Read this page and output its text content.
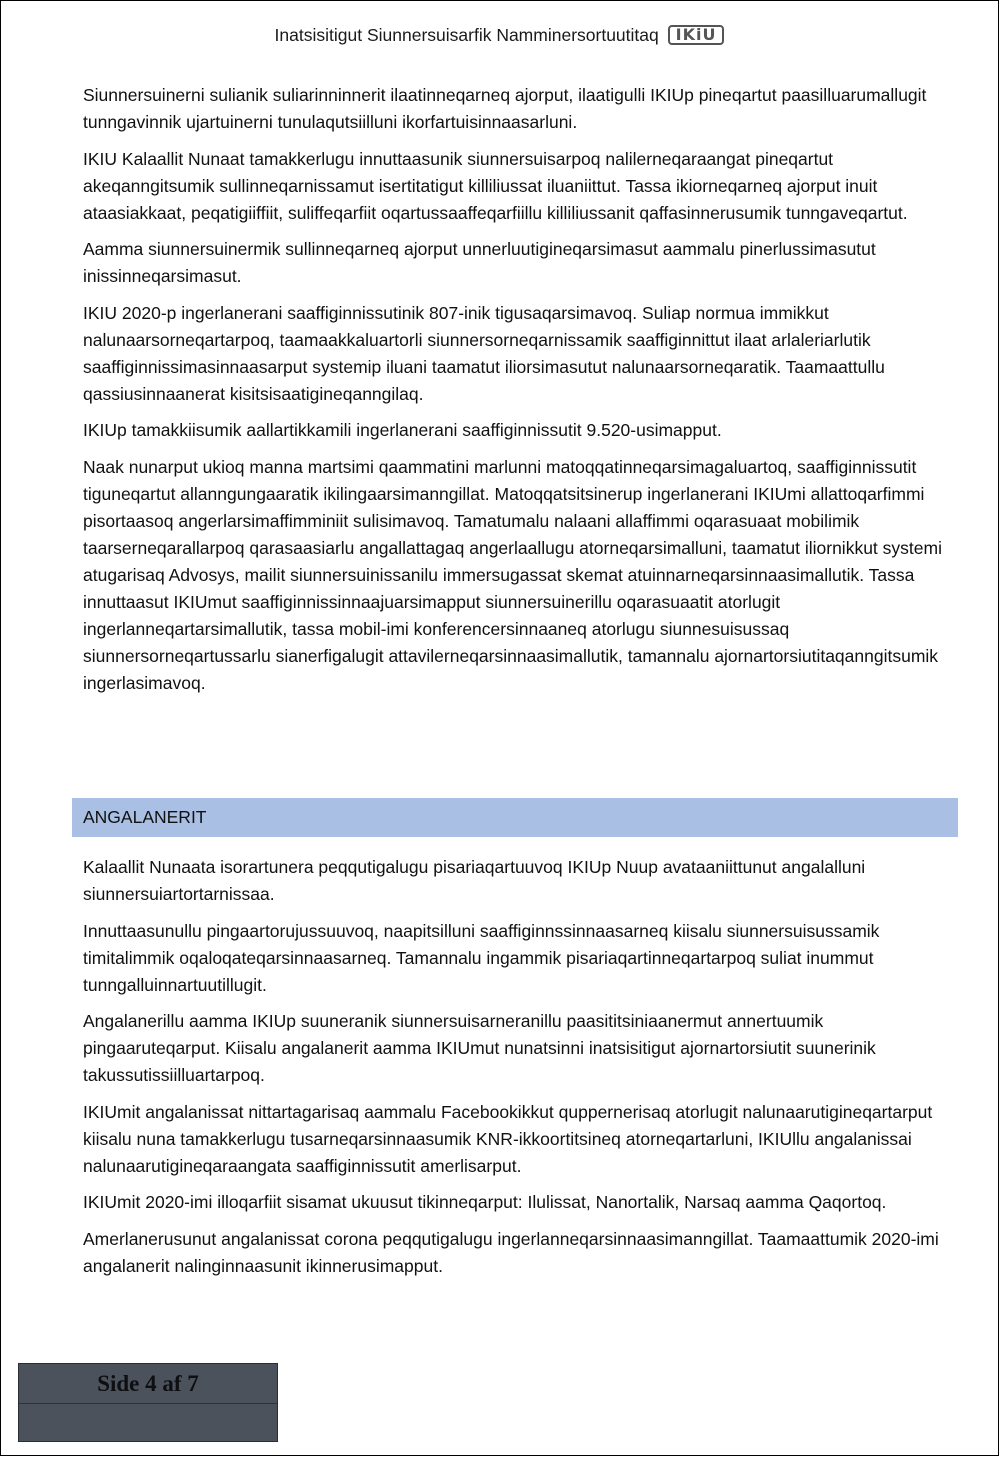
Inatsisitigut Siunnersuisarfik Namminersortuutitaq IKiU

Siunnersuinerni sulianik suliarinninnerit ilaatinneqarneq ajorput, ilaatigulli IKIUp pineqartut paasilluarumallugit tunngavinnik ujartuinerni tunulaqutsiilluni ikorfartuisinnaasarluni.

IKIU Kalaallit Nunaat tamakkerlugu innuttaasunik siunnersuisarpoq nalilerneqaraangat pineqartut akeqanngitsumik sullinneqarnissamut isertitatigut killiliussat iluaniittut. Tassa ikiorneqarneq ajorput inuit ataasiakkaat, peqatigiiffiit, suliffeqarfiit oqartussaaffeqarfiillu killiliussanit qaffasinnerusumik tunngaveqartut.

Aamma siunnersuinermik sullinneqarneq ajorput unnerluutigineqarsimasut aammalu pinerlussimasutut inissinneqarsimasut.

IKIU 2020-p ingerlanerani saaffiginnissutinik 807-inik tigusaqarsimavoq. Suliap normua immikkut nalunaarsorneqartarpoq, taamaakkaluartorli siunnersorneqarnissamik saaffiginnittut ilaat arlaleriarlutik saaffiginnissimasinnaasarput systemip iluani taamatut iliorsimasutut nalunaarsorneqaratik. Taamaattullu qassiusinnaanerat kisitsisaatigineqanngilaq.

IKIUp tamakkiisumik aallartikkamili ingerlanerani saaffiginnissutit 9.520-usimapput.

Naak nunarput ukioq manna martsimi qaammatini marlunni matoqqatinneqarsimagaluartoq, saaffiginnissutit tiguneqartut allanngungaaratik ikilingaarsimanngillat. Matoqqatsitsinerup ingerlanerani IKIUmi allattoqarfimmi pisortaasoq angerlarsimaffimminiit sulisimavoq. Tamatumalu nalaani allaffimmi oqarasuaat mobilimik taarserneqarallarpoq qarasaasiarlu angallattagaq angerlaallugu atorneqarsimalluni, taamatut iliornikkut systemi atugarisaq Advosys, mailit siunnersuinissanilu immersugassat skemat atuinnarneqarsinnaasimallutik. Tassa innuttaasut IKIUmut saaffiginnissinnaajuarsimapput siunnersuinerillu oqarasuaatit atorlugit ingerlanneqartarsimallutik, tassa mobil-imi konferencersinnaaneq atorlugu siunnesuisussaq siunnersorneqartussarlu sianerfigalugit attavilerneqarsinnaasimallutik, tamannalu ajornartorsiutitaqanngitsumik ingerlasimavoq.

ANGALANERIT

Kalaallit Nunaata isorartunera peqqutigalugu pisariaqartuuvoq IKIUp Nuup avataaniittunut angalalluni siunnersuiartortarnissaa.

Innuttaasunullu pingaartorujussuuvoq, naapitsilluni saaffiginnssinnaasarneq kiisalu siunnersuisussamik timitalimmik oqaloqateqarsinnaasarneq. Tamannalu ingammik pisariaqartinneqartarpoq suliat inummut tunngalluinnartuutillugit.

Angalanerillu aamma IKIUp suuneranik siunnersuisarneranillu paasititsiniaanermut annertuumik pingaaruteqarput. Kiisalu angalanerit aamma IKIUmut nunatsinni inatsisitigut ajornartorsiutit suunerinik takussutissiilluartarpoq.

IKIUmit angalanissat nittartagarisaq aammalu Facebookikkut quppernerisaq atorlugit nalunaarutigineqartarput kiisalu nuna tamakkerlugu tusarneqarsinnaasumik KNR-ikkoortitsineq atorneqartarluni, IKIUllu angalanissai nalunaarutigineqaraangata saaffiginnissutit amerlisarput.

IKIUmit 2020-imi illoqarfiit sisamat ukuusut tikinneqarput: Ilulissat, Nanortalik, Narsaq aamma Qaqortoq.

Amerlanerusunut angalanissat corona peqqutigalugu ingerlanneqarsinnaasimanngillat. Taamaattumik 2020-imi angalanerit nalinginnaasunit ikinnerusimapput.

Side 4 af 7
